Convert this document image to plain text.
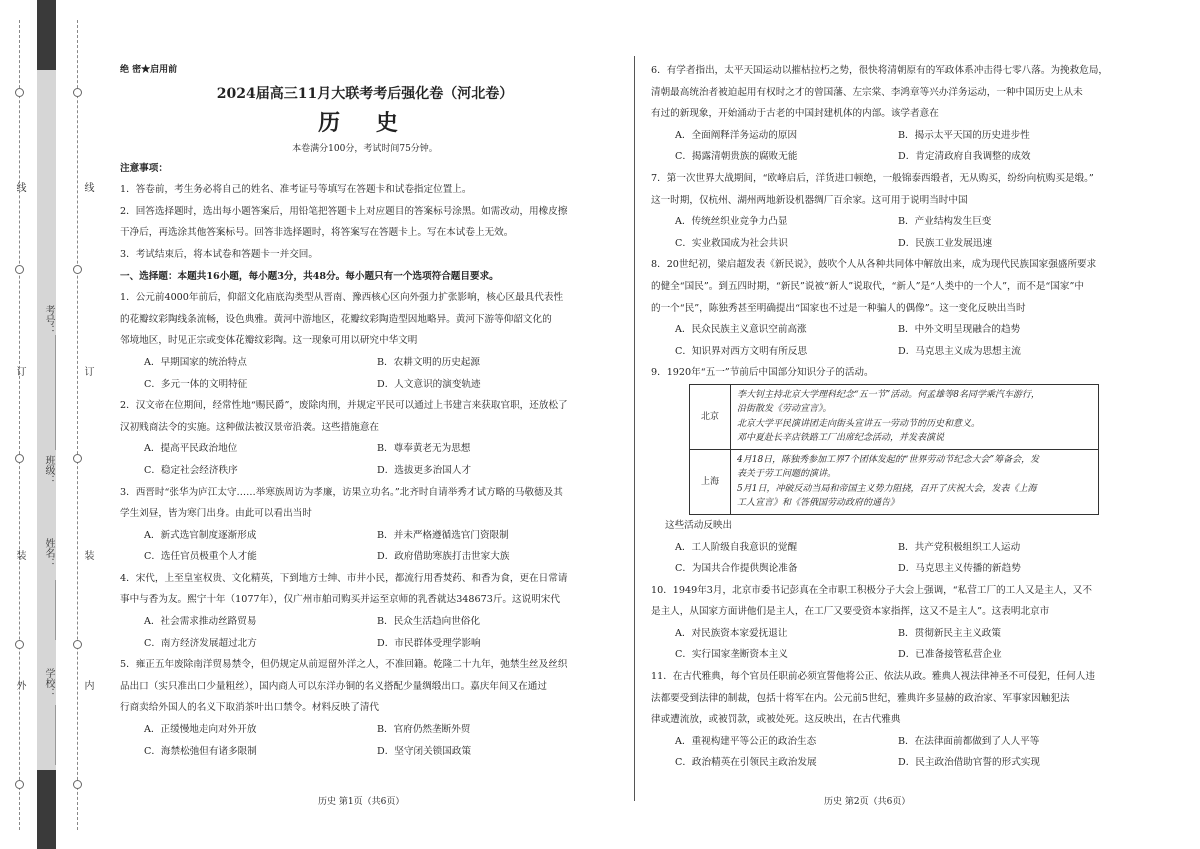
线
订
装
外
线
订
装
内
考号：
班级：
姓名：
学校：

绝 密★启用前

2024届高三11月大联考考后强化卷（河北卷）

历 史

本卷满分100分，考试时间75分钟。

注意事项：

1．答卷前，考生务必将自己的姓名、准考证号等填写在答题卡和试卷指定位置上。

2．回答选择题时，选出每小题答案后，用铅笔把答题卡上对应题目的答案标号涂黑。如需改动，用橡皮擦

干净后，再选涂其他答案标号。回答非选择题时，将答案写在答题卡上。写在本试卷上无效。

3．考试结束后，将本试卷和答题卡一并交回。

一、选择题：本题共16小题，每小题3分，共48分。每小题只有一个选项符合题目要求。

1．公元前4000年前后，仰韶文化庙底沟类型从晋南、豫西核心区向外强力扩张影响，核心区最具代表性

的花瓣纹彩陶线条流畅，设色典雅。黄河中游地区，花瓣纹彩陶造型因地略异。黄河下游等仰韶文化的

邻境地区，时见正宗或变体花瓣纹彩陶。这一现象可用以研究中华文明

A．早期国家的统治特点	B．农耕文明的历史起源
C．多元一体的文明特征	D．人文意识的演变轨迹

2．汉文帝在位期间，经常性地“赐民爵”，废除肉刑，并规定平民可以通过上书建言来获取官职，还放松了

汉初贱商法令的实施。这种做法被汉景帝沿袭。这些措施意在

A．提高平民政治地位	B．尊奉黄老无为思想
C．稳定社会经济秩序	D．选拔更多治国人才

3．西晋时“张华为庐江太守……举寒族周访为孝廉，访果立功名。”北齐时自请举秀才试方略的马敬德及其

学生刘昼，皆为寒门出身。由此可以看出当时

A．新式选官制度逐渐形成	B．并未严格遵循选官门资限制
C．选任官员极重个人才能	D．政府借助寒族打击世家大族

4．宋代，上至皇室权贵、文化精英，下到地方士绅、市井小民，都流行用香焚药、和香为食，更在日常请

事中与香为友。熙宁十年（1077年），仅广州市舶司购买并运至京师的乳香就达348673斤。这说明宋代

A．社会需求推动丝路贸易	B．民众生活趋向世俗化
C．南方经济发展超过北方	D．市民群体受理学影响

5．雍正五年废除南洋贸易禁令，但仍规定从前逗留外洋之人，不准回籍。乾隆二十九年，弛禁生丝及丝织

品出口（实只准出口少量粗丝），国内商人可以东洋办铜的名义搭配少量绸缎出口。嘉庆年间又在通过

行商卖给外国人的名义下取消茶叶出口禁令。材料反映了清代

A．正缓慢地走向对外开放	B．官府仍然垄断外贸
C．海禁松弛但有诸多限制	D．坚守闭关锁国政策

6．有学者指出，太平天国运动以摧枯拉朽之势，很快将清朝原有的军政体系冲击得七零八落。为挽救危局，

清朝最高统治者被迫起用有权时之才的曾国藩、左宗棠、李鸿章等兴办洋务运动，一种中国历史上从未

有过的新现象，开始涌动于古老的中国封建机体的内部。该学者意在

A．全面阐释洋务运动的原因	B．揭示太平天国的历史进步性
C．揭露清朝贵族的腐败无能	D．肯定清政府自我调整的成效

7．第一次世界大战期间，“欧峰启后，洋货进口顿绝，一般锦泰西缎者，无从购买，纷纷向杭购买是缎。”

这一时期，仅杭州、湖州两地新设机器绸厂百余家。这可用于说明当时中国

A．传统丝织业竞争力凸显	B．产业结构发生巨变
C．实业救国成为社会共识	D．民族工业发展迅速

8．20世纪初，梁启超发表《新民说》，鼓吹个人从各种共同体中解放出来，成为现代民族国家强盛所要求

的健全“国民”。到五四时期，“新民”说被“新人”说取代，“新人”是“人类中的一个人”，而不是“国家”中

的一个“民”，陈独秀甚至明确提出“国家也不过是一种骗人的偶像”。这一变化反映出当时

A．民众民族主义意识空前高涨	B．中外文明呈现融合的趋势
C．知识界对西方文明有所反思	D．马克思主义成为思想主流

9．1920年“五一”节前后中国部分知识分子的活动。

北京	李大钊主持北京大学理科纪念“五一节”活动。何孟雄等8名同学乘汽车游行，
沿街散发《劳动宣言》。
北京大学平民演讲团走向街头宣讲五一劳动节的历史和意义。
邓中夏赴长辛店铁路工厂出席纪念活动，并发表演说

上海	4月18日，陈独秀参加工界7个团体发起的“世界劳动节纪念大会”筹备会，发
表关于劳工问题的演讲。
5月1日，冲破反动当局和帝国主义势力阻挠，召开了庆祝大会，发表《上海
工人宣言》和《答俄国劳动政府的通告》

这些活动反映出

A．工人阶级自我意识的觉醒	B．共产党积极组织工人运动
C．为国共合作提供舆论准备	D．马克思主义传播的新趋势

10．1949年3月，北京市委书记彭真在全市职工积极分子大会上强调，“私营工厂的工人又是主人，又不

是主人，从国家方面讲他们是主人，在工厂又要受资本家指挥，这又不是主人”。这表明北京市

A．对民族资本家爱抚退让	B．贯彻新民主主义政策
C．实行国家垄断资本主义	D．已准备接管私营企业

11．在古代雅典，每个官员任职前必须宣誓他将公正、依法从政。雅典人视法律神圣不可侵犯，任何人违

法都要受到法律的制裁，包括十将军在内。公元前5世纪，雅典许多显赫的政治家、军事家因触犯法

律或遭流放，或被罚款，或被处死。这反映出，在古代雅典

A．重视构建平等公正的政治生态	B．在法律面前都做到了人人平等
C．政治精英在引领民主政治发展	D．民主政治借助官誓的形式实现
历史 第1页（共6页）	历史 第2页（共6页）
